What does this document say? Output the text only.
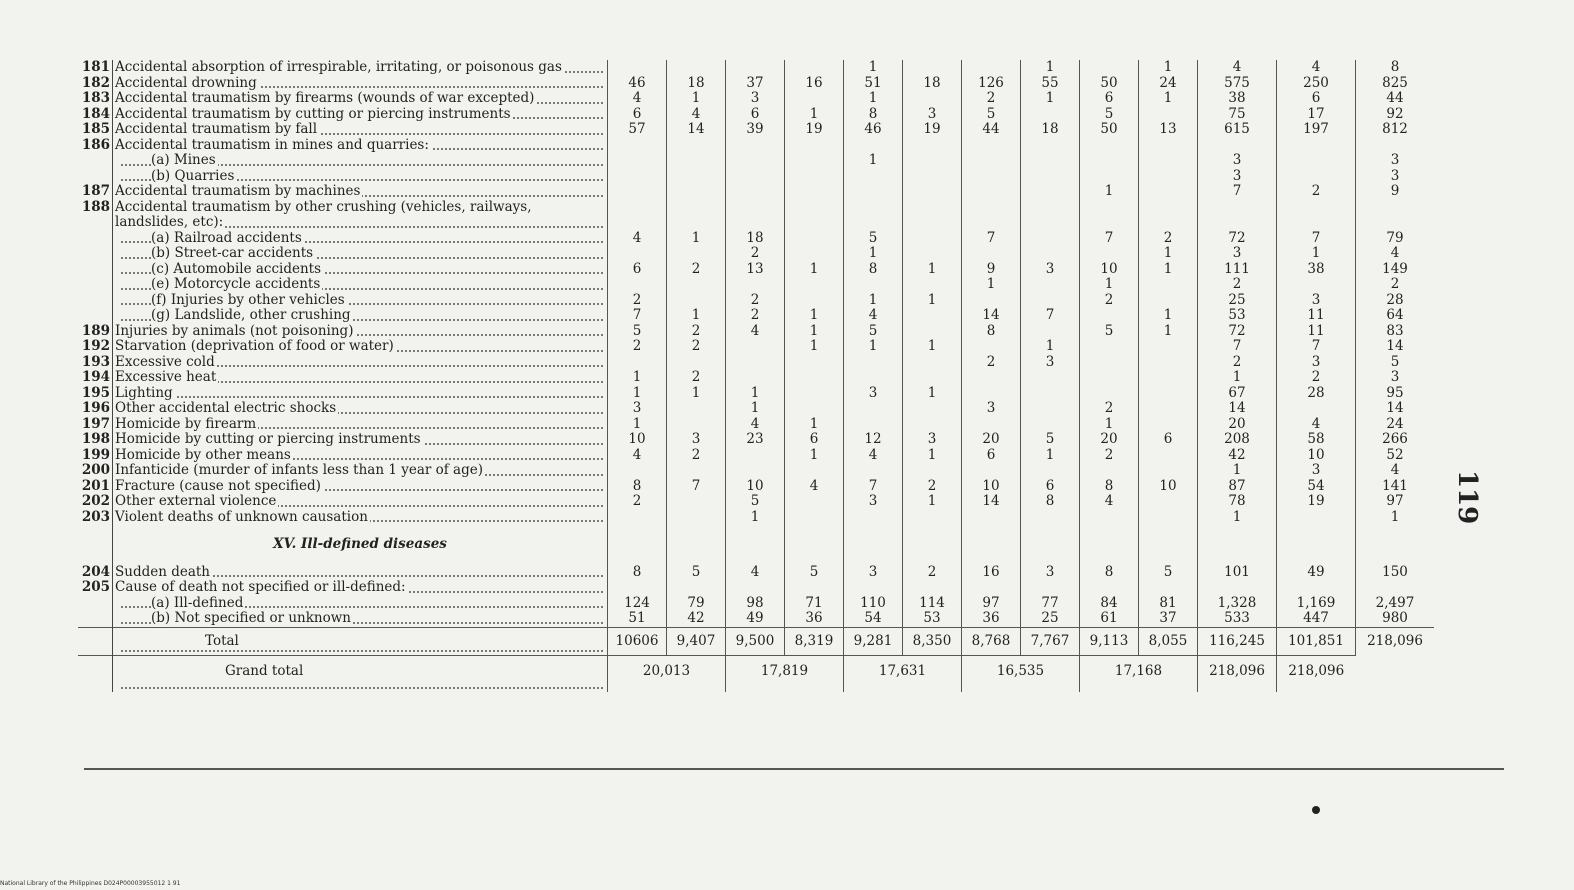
181	Accidental absorption of irrespirable, irritating, or poisonous gas					1			1		1	4	4	8
182	Accidental drowning	46	18	37	16	51	18	126	55	50	24	575	250	825
183	Accidental traumatism by firearms (wounds of war excepted)	4	1	3		1		2	1	6	1	38	6	44
184	Accidental traumatism by cutting or piercing instruments	6	4	6	1	8	3	5		5		75	17	92
185	Accidental traumatism by fall	57	14	39	19	46	19	44	18	50	13	615	197	812
186	Accidental traumatism in mines and quarries:													

(a) Mines					1						3		3

(b) Quarries											3		3
187	Accidental traumatism by machines									1		7	2	9
188	Accidental traumatism by other crushing (vehicles, railways, landslides, etc):													

(a) Railroad accidents	4	1	18		5		7		7	2	72	7	79

(b) Street-car accidents			2		1					1	3	1	4

(c) Automobile accidents	6	2	13	1	8	1	9	3	10	1	111	38	149

(e) Motorcycle accidents							1		1		2		2

(f) Injuries by other vehicles	2		2		1	1			2		25	3	28

(g) Landslide, other crushing	7	1	2	1	4		14	7		1	53	11	64
189	Injuries by animals (not poisoning)	5	2	4	1	5		8		5	1	72	11	83
192	Starvation (deprivation of food or water)	2	2		1	1	1		1			7	7	14
193	Excessive cold							2	3			2	3	5
194	Excessive heat	1	2									1	2	3
195	Lighting	1	1	1		3	1					67	28	95
196	Other accidental electric shocks	3		1				3		2		14		14
197	Homicide by firearm	1		4	1					1		20	4	24
198	Homicide by cutting or piercing instruments	10	3	23	6	12	3	20	5	20	6	208	58	266
199	Homicide by other means	4	2		1	4	1	6	1	2		42	10	52
200	Infanticide (murder of infants less than 1 year of age)											1	3	4
201	Fracture (cause not specified)	8	7	10	4	7	2	10	6	8	10	87	54	141
202	Other external violence	2		5		3	1	14	8	4		78	19	97
203	Violent deaths of unknown causation			1								1		1
	XV. Ill-defined diseases													
204	Sudden death	8	5	4	5	3	2	16	3	8	5	101	49	150
205	Cause of death not specified or ill-defined:													

(a) Ill-defined	124	79	98	71	110	114	97	77	84	81	1,328	1,169	2,497

(b) Not specified or unknown	51	42	49	36	54	53	36	25	61	37	533	447	980

Total	10606	9,407	9,500	8,319	9,281	8,350	8,768	7,767	9,113	8,055	116,245	101,851	218,096

Grand total	20,013		17,819		17,631		16,535		17,168		218,096	218,096	
119
National Library of the Philippines D024P00003955012 1 91
